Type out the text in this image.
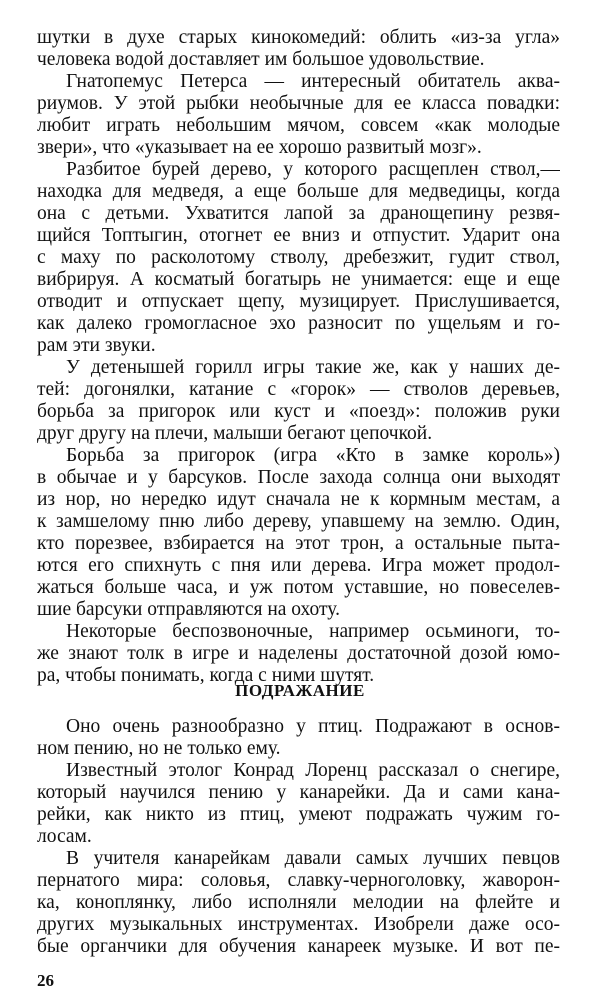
шутки в духе старых кинокомедий: облить «из-за угла»
человека водой доставляет им большое удовольствие.
Гнатопемус Петерса — интересный обитатель аква-
риумов. У этой рыбки необычные для ее класса повадки:
любит играть небольшим мячом, совсем «как молодые
звери», что «указывает на ее хорошо развитый мозг».
Разбитое бурей дерево, у которого расщеплен ствол,—
находка для медведя, а еще больше для медведицы, когда
она с детьми. Ухватится лапой за дранощепину резвя-
щийся Топтыгин, отогнет ее вниз и отпустит. Ударит она
с маху по расколотому стволу, дребезжит, гудит ствол,
вибрируя. А косматый богатырь не унимается: еще и еще
отводит и отпускает щепу, музицирует. Прислушивается,
как далеко громогласное эхо разносит по ущельям и го-
рам эти звуки.
У детенышей горилл игры такие же, как у наших де-
тей: догонялки, катание с «горок» — стволов деревьев,
борьба за пригорок или куст и «поезд»: положив руки
друг другу на плечи, малыши бегают цепочкой.
Борьба за пригорок (игра «Кто в замке король»)
в обычае и у барсуков. После захода солнца они выходят
из нор, но нередко идут сначала не к кормным местам, а
к замшелому пню либо дереву, упавшему на землю. Один,
кто порезвее, взбирается на этот трон, а остальные пыта-
ются его спихнуть с пня или дерева. Игра может продол-
жаться больше часа, и уж потом уставшие, но повеселев-
шие барсуки отправляются на охоту.
Некоторые беспозвоночные, например осьминоги, то-
же знают толк в игре и наделены достаточной дозой юмо-
ра, чтобы понимать, когда с ними шутят.
ПОДРАЖАНИЕ
Оно очень разнообразно у птиц. Подражают в основ-
ном пению, но не только ему.
Известный этолог Конрад Лоренц рассказал о снегире,
который научился пению у канарейки. Да и сами кана-
рейки, как никто из птиц, умеют подражать чужим го-
лосам.
В учителя канарейкам давали самых лучших певцов
пернатого мира: соловья, славку-черноголовку, жаворон-
ка, коноплянку, либо исполняли мелодии на флейте и
других музыкальных инструментах. Изобрели даже осо-
бые органчики для обучения канареек музыке. И вот пе-
26
